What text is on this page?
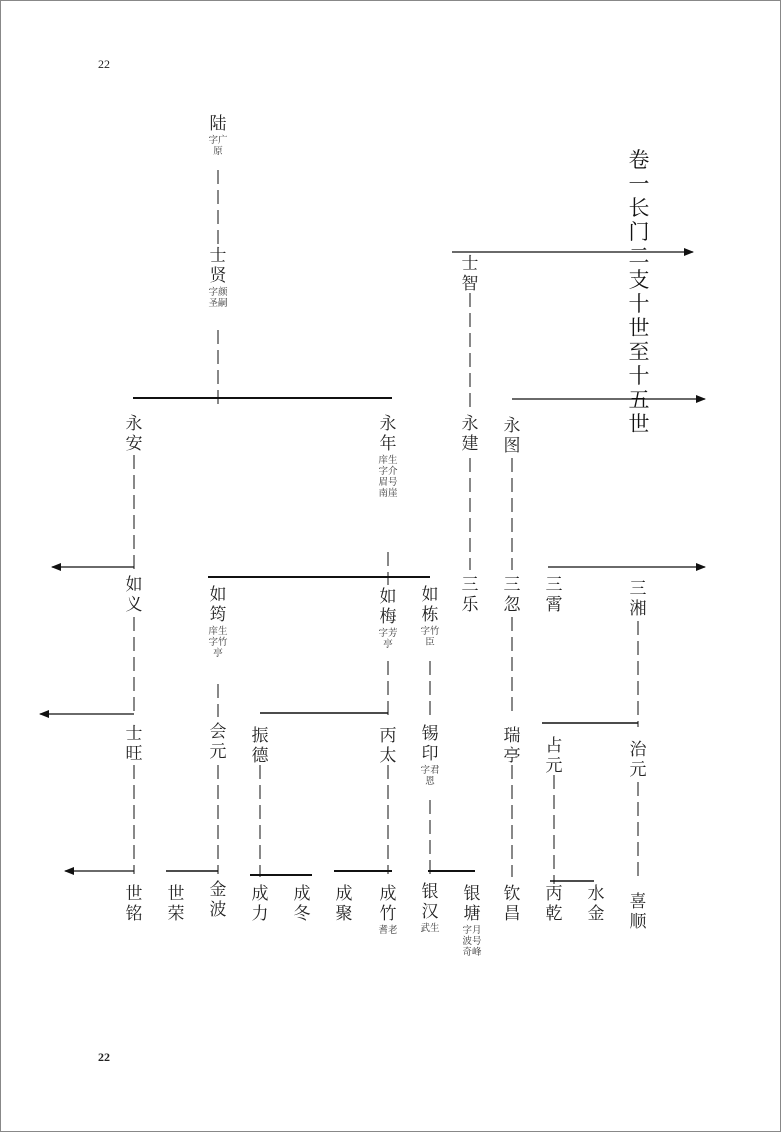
22
22
卷一长门二支 十世至十五世
陆
字广原
士贤
字颜圣嗣
士智
永安
永年
庠生字介眉号南崖
永建
永图
如义	如筠
庠生字竹亭
如梅
字芳亭
如栋
字竹臣
三乐
三忽
三霄
三湘
士旺
会元
振德
丙太
锡印
字君恩
瑞亭 占元
治元
世铭
世荣
金波
成力
成冬
成聚
成竹
耆老
银汉
武生
银塘
字月波号奇峰
钦昌
丙乾
水金
喜顺
